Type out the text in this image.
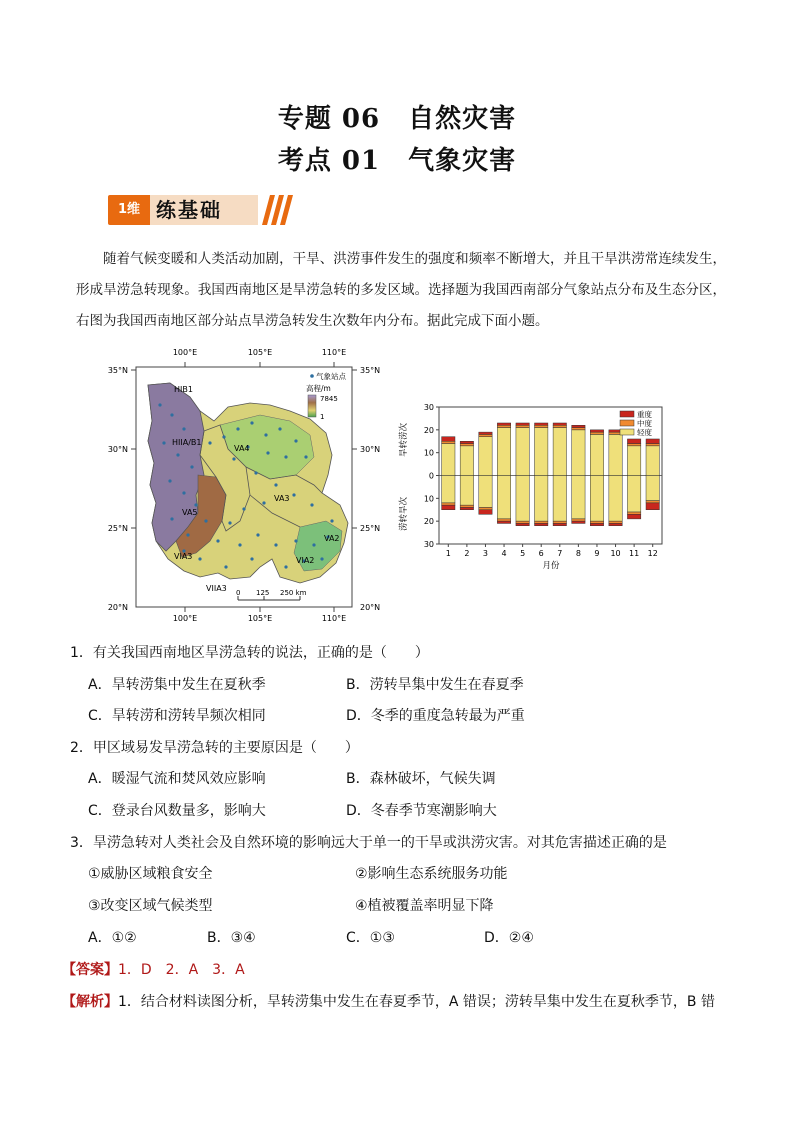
专题 06 自然灾害
考点 01 气象灾害
1维 练基础
随着气候变暖和人类活动加剧，干旱、洪涝事件发生的强度和频率不断增大，并且干旱洪涝常连续发生，形成旱涝急转现象。我国西南地区是旱涝急转的多发区域。选择题为我国西南部分气象站点分布及生态分区，右图为我国西南地区部分站点旱涝急转发生次数年内分布。据此完成下面小题。
100°E	105°E	110°E
100°E	105°E	110°E
35°N
30°N
25°N
20°N
35°N
30°N
25°N
20°N
HIB1
HIIA/B1
VA4
VA3
VA5
VIA3	VIA2
VA2
VIIA3
气象站点
高程/m
7845
1
0 125 250 km
30
20
10
0
10
20
30
1 2 3 4 5 6 7 8 9 10 11 12
旱转涝次
涝转旱次
月份
重度
中度
轻度
1．有关我国西南地区旱涝急转的说法，正确的是（　　）
A．旱转涝集中发生在夏秋季	B．涝转旱集中发生在春夏季
C．旱转涝和涝转旱频次相同	D．冬季的重度急转最为严重
2．甲区域易发旱涝急转的主要原因是（　　）
A．暖湿气流和焚风效应影响	B．森林破坏，气候失调
C．登录台风数量多，影响大	D．冬春季节寒潮影响大
3．旱涝急转对人类社会及自然环境的影响远大于单一的干旱或洪涝灾害。对其危害描述正确的是
①威胁区域粮食安全	②影响生态系统服务功能
③改变区域气候类型	④植被覆盖率明显下降
A．①②	B．③④	C．①③	D．②④
【答案】1．D　2．A　3．A
【解析】1．结合材料读图分析，旱转涝集中发生在春夏季节，A 错误；涝转旱集中发生在夏秋季节，B 错
